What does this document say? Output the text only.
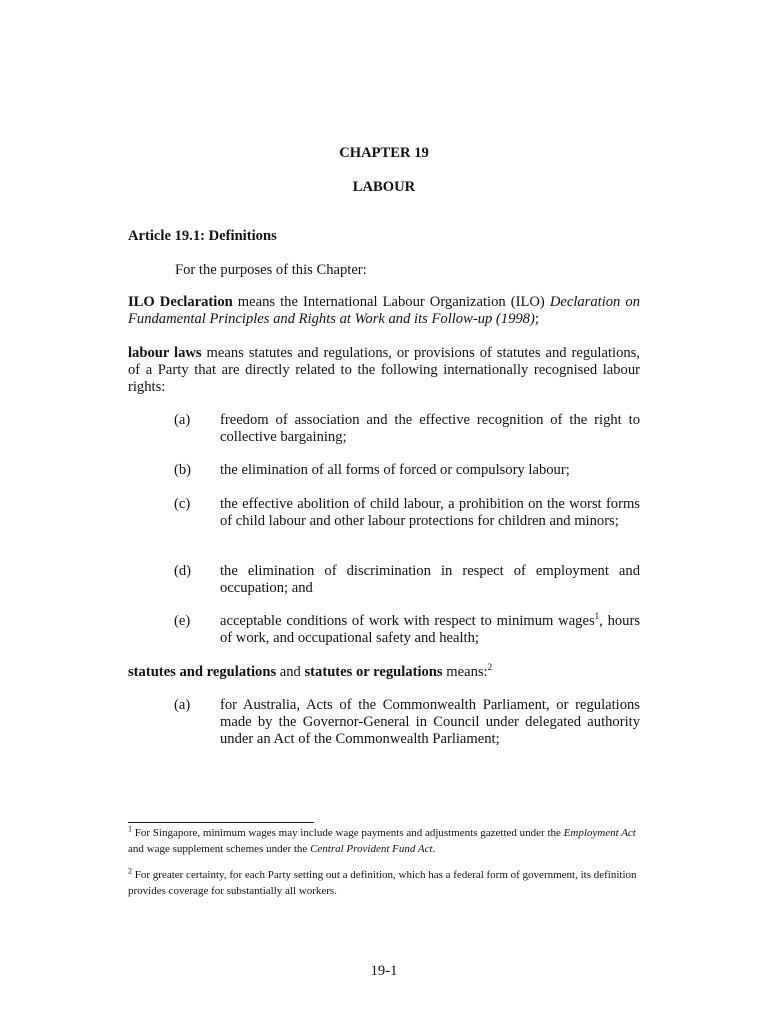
CHAPTER 19
LABOUR
Article 19.1: Definitions
For the purposes of this Chapter:
ILO Declaration means the International Labour Organization (ILO) Declaration on Fundamental Principles and Rights at Work and its Follow-up (1998);
labour laws means statutes and regulations, or provisions of statutes and regulations, of a Party that are directly related to the following internationally recognised labour rights:
(a) freedom of association and the effective recognition of the right to collective bargaining;
(b) the elimination of all forms of forced or compulsory labour;
(c) the effective abolition of child labour, a prohibition on the worst forms of child labour and other labour protections for children and minors;
(d) the elimination of discrimination in respect of employment and occupation; and
(e) acceptable conditions of work with respect to minimum wages$^1$, hours of work, and occupational safety and health;
statutes and regulations and statutes or regulations means:$^2$
(a) for Australia, Acts of the Commonwealth Parliament, or regulations made by the Governor-General in Council under delegated authority under an Act of the Commonwealth Parliament;
$^1$ For Singapore, minimum wages may include wage payments and adjustments gazetted under the Employment Act and wage supplement schemes under the Central Provident Fund Act.
$^2$ For greater certainty, for each Party setting out a definition, which has a federal form of government, its definition provides coverage for substantially all workers.
19-1
